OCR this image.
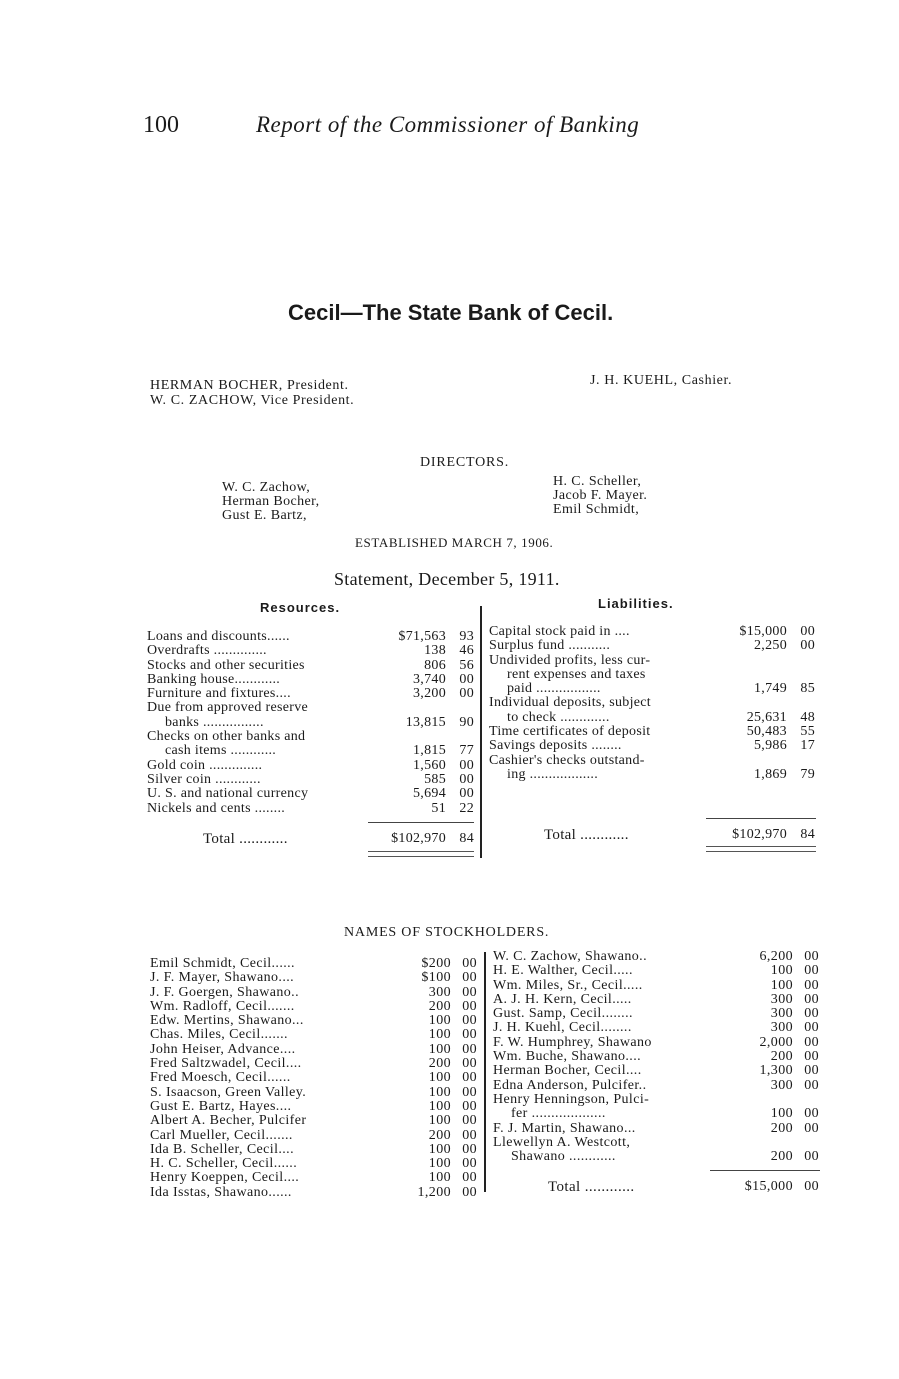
100	Report of the Commissioner of Banking
Cecil—The State Bank of Cecil.
HERMAN BOCHER, President.
W. C. ZACHOW, Vice President.
J. H. KUEHL, Cashier.
DIRECTORS.
W. C. Zachow,
Herman Bocher,
Gust E. Bartz,
H. C. Scheller,
Jacob F. Mayer.
Emil Schmidt,
ESTABLISHED MARCH 7, 1906.
Statement, December 5, 1911.
Resources.	Liabilities.
Loans and discounts......	$71,563 93
Overdrafts ..............	138 46
Stocks and other securities	806 56
Banking house............	3,740 00
Furniture and fixtures....	3,200 00
Due from approved reserve
banks ................	13,815 90
Checks on other banks and
cash items ............	1,815 77
Gold coin ..............	1,560 00
Silver coin ............	585 00
U. S. and national currency	5,694 00
Nickels and cents ........	51 22
Total ............	$102,970 84
Capital stock paid in ....	$15,000 00
Surplus fund ...........	2,250 00
Undivided profits, less cur-
rent expenses and taxes
paid .................	1,749 85
Individual deposits, subject
to check .............	25,631 48
Time certificates of deposit	50,483 55
Savings deposits ........	5,986 17
Cashier's checks outstand-
ing ..................	1,869 79
Total ............	$102,970 84
NAMES OF STOCKHOLDERS.
Emil Schmidt, Cecil......	$200 00
J. F. Mayer, Shawano....	$100 00
J. F. Goergen, Shawano..	300 00
Wm. Radloff, Cecil.......	200 00
Edw. Mertins, Shawano...	100 00
Chas. Miles, Cecil.......	100 00
John Heiser, Advance....	100 00
Fred Saltzwadel, Cecil....	200 00
Fred Moesch, Cecil......	100 00
S. Isaacson, Green Valley.	100 00
Gust E. Bartz, Hayes....	100 00
Albert A. Becher, Pulcifer	100 00
Carl Mueller, Cecil.......	200 00
Ida B. Scheller, Cecil....	100 00
H. C. Scheller, Cecil......	100 00
Henry Koeppen, Cecil....	100 00
Ida Isstas, Shawano......	1,200 00
W. C. Zachow, Shawano..	6,200 00
H. E. Walther, Cecil.....	100 00
Wm. Miles, Sr., Cecil.....	100 00
A. J. H. Kern, Cecil.....	300 00
Gust. Samp, Cecil........	300 00
J. H. Kuehl, Cecil........	300 00
F. W. Humphrey, Shawano	2,000 00
Wm. Buche, Shawano....	200 00
Herman Bocher, Cecil....	1,300 00
Edna Anderson, Pulcifer..	300 00
Henry Henningson, Pulci-
fer ...................	100 00
F. J. Martin, Shawano...	200 00
Llewellyn A. Westcott,
Shawano ............	200 00
Total ............	$15,000 00
